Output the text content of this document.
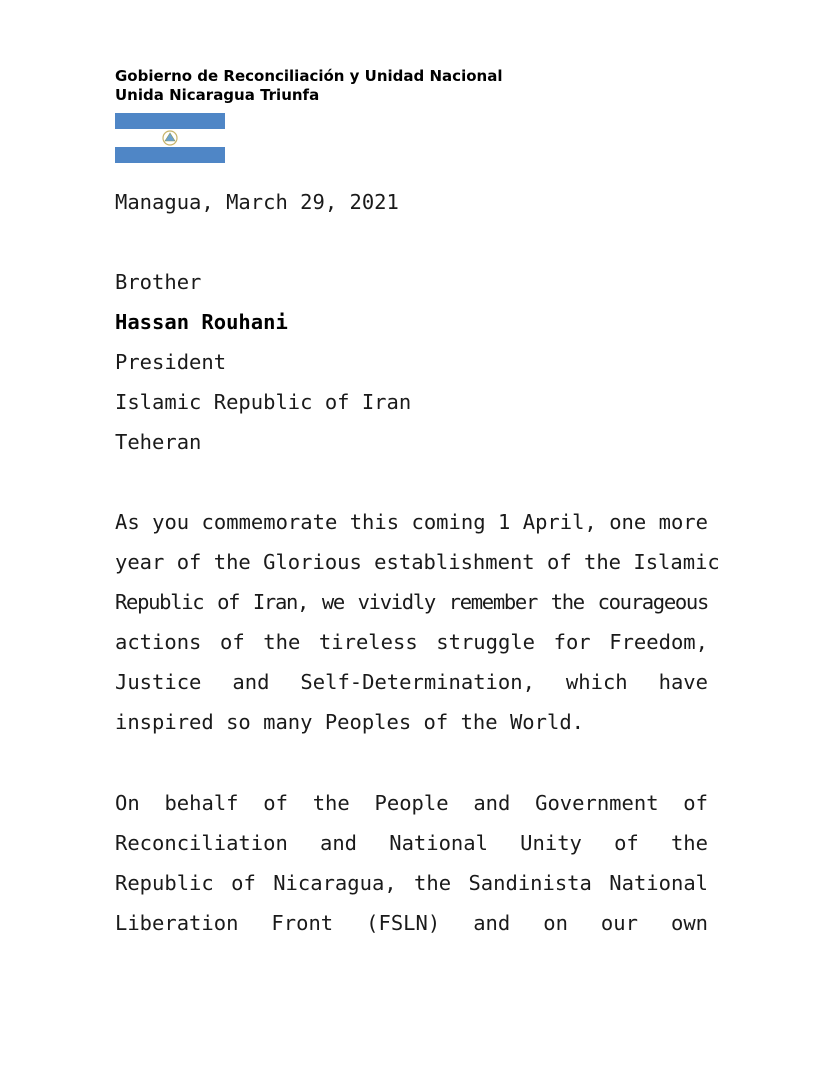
Gobierno de Reconciliación y Unidad Nacional
Unida Nicaragua Triunfa
Managua, March 29, 2021
Brother
Hassan Rouhani
President
Islamic Republic of Iran
Teheran
As you commemorate this coming 1 April, one more
year of the Glorious establishment of the Islamic
Republic of Iran, we vividly remember the courageous
actions of the tireless struggle for Freedom,
Justice and Self-Determination, which have
inspired so many Peoples of the World.
On behalf of the People and Government of
Reconciliation and National Unity of the
Republic of Nicaragua, the Sandinista National
Liberation Front (FSLN) and on our own
